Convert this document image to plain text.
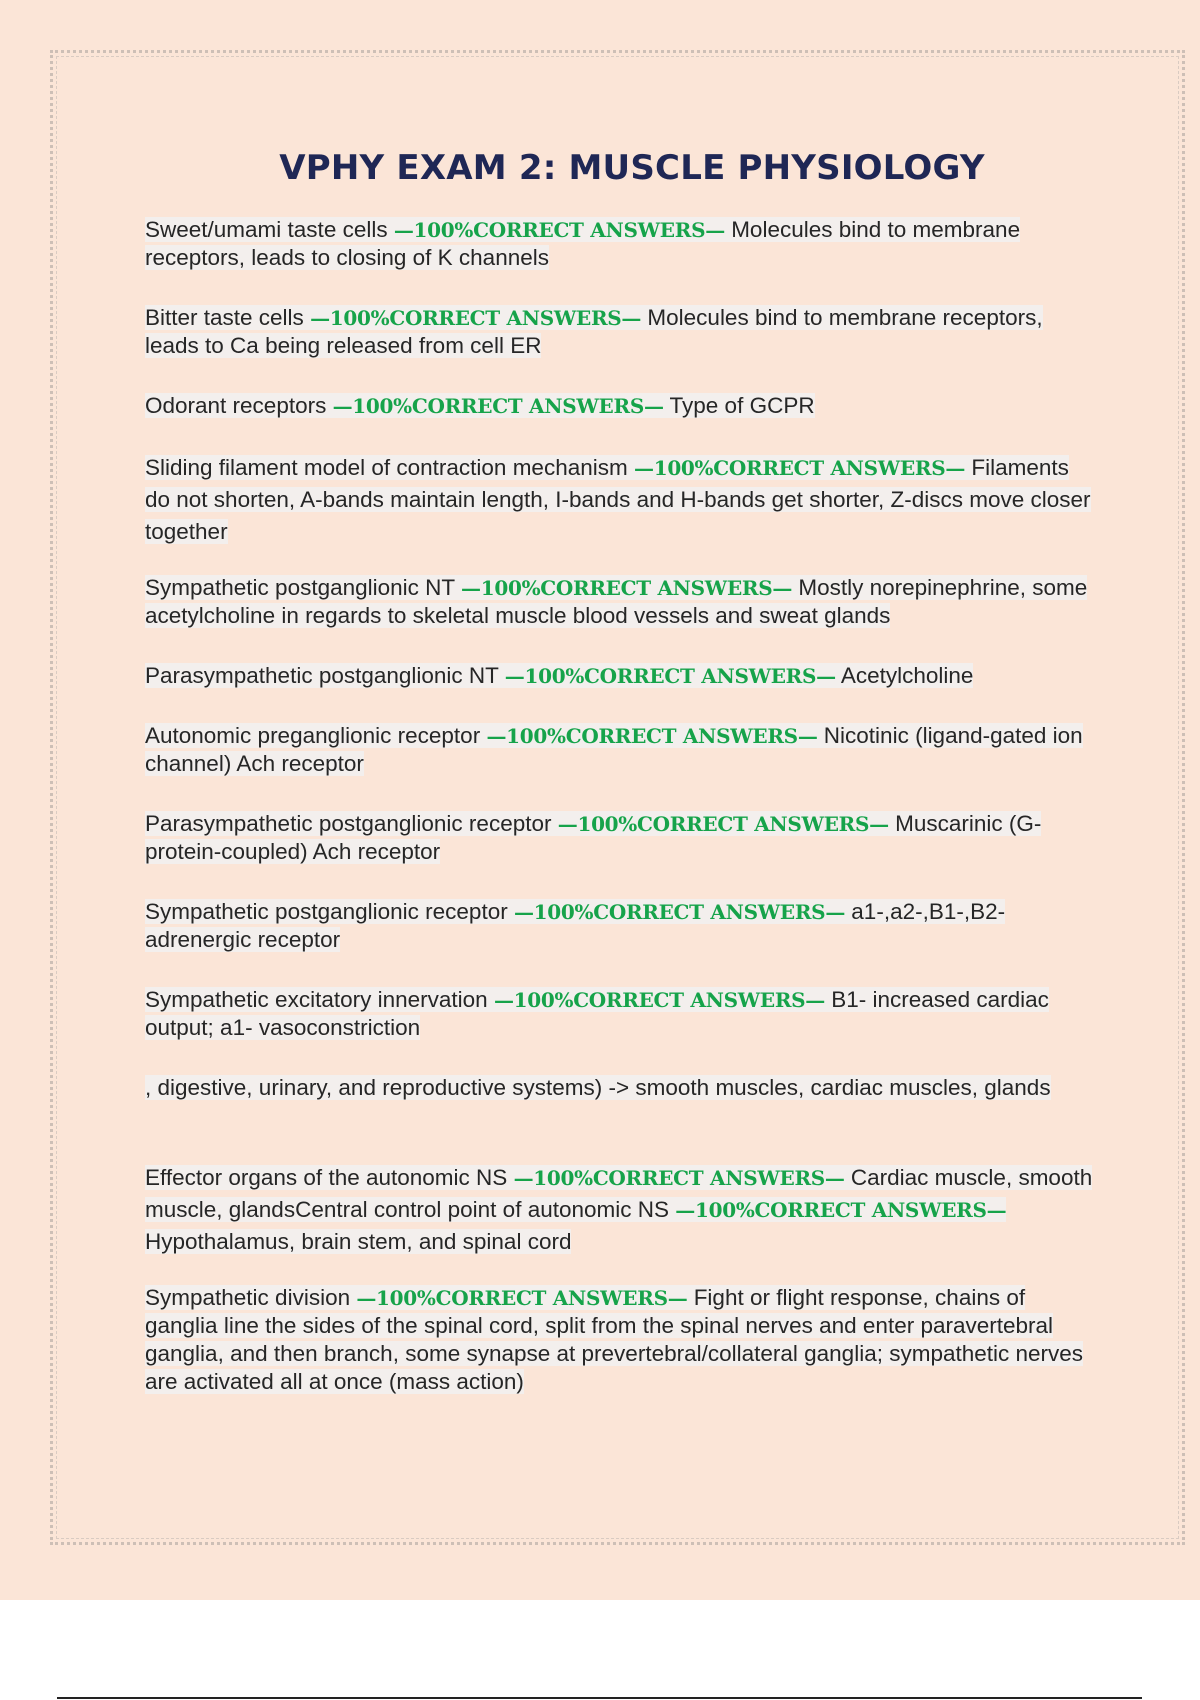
VPHY EXAM 2: MUSCLE PHYSIOLOGY

Sweet/umami taste cells —100%CORRECT ANSWERS— Molecules bind to membrane receptors, leads to closing of K channels

Bitter taste cells —100%CORRECT ANSWERS— Molecules bind to membrane receptors, leads to Ca being released from cell ER

Odorant receptors —100%CORRECT ANSWERS— Type of GCPR

Sliding filament model of contraction mechanism —100%CORRECT ANSWERS— Filaments do not shorten, A-bands maintain length, I-bands and H-bands get shorter, Z-discs move closer together

Sympathetic postganglionic NT —100%CORRECT ANSWERS— Mostly norepinephrine, some acetylcholine in regards to skeletal muscle blood vessels and sweat glands

Parasympathetic postganglionic NT —100%CORRECT ANSWERS— Acetylcholine

Autonomic preganglionic receptor —100%CORRECT ANSWERS— Nicotinic (ligand-gated ion channel) Ach receptor

Parasympathetic postganglionic receptor —100%CORRECT ANSWERS— Muscarinic (G-protein-coupled) Ach receptor

Sympathetic postganglionic receptor —100%CORRECT ANSWERS— a1-,a2-,B1-,B2-adrenergic receptor

Sympathetic excitatory innervation —100%CORRECT ANSWERS— B1- increased cardiac output; a1- vasoconstriction

, digestive, urinary, and reproductive systems) -> smooth muscles, cardiac muscles, glands

Effector organs of the autonomic NS —100%CORRECT ANSWERS— Cardiac muscle, smooth muscle, glandsCentral control point of autonomic NS —100%CORRECT ANSWERS— Hypothalamus, brain stem, and spinal cord

Sympathetic division —100%CORRECT ANSWERS— Fight or flight response, chains of ganglia line the sides of the spinal cord, split from the spinal nerves and enter paravertebral ganglia, and then branch, some synapse at prevertebral/collateral ganglia; sympathetic nerves are activated all at once (mass action)
